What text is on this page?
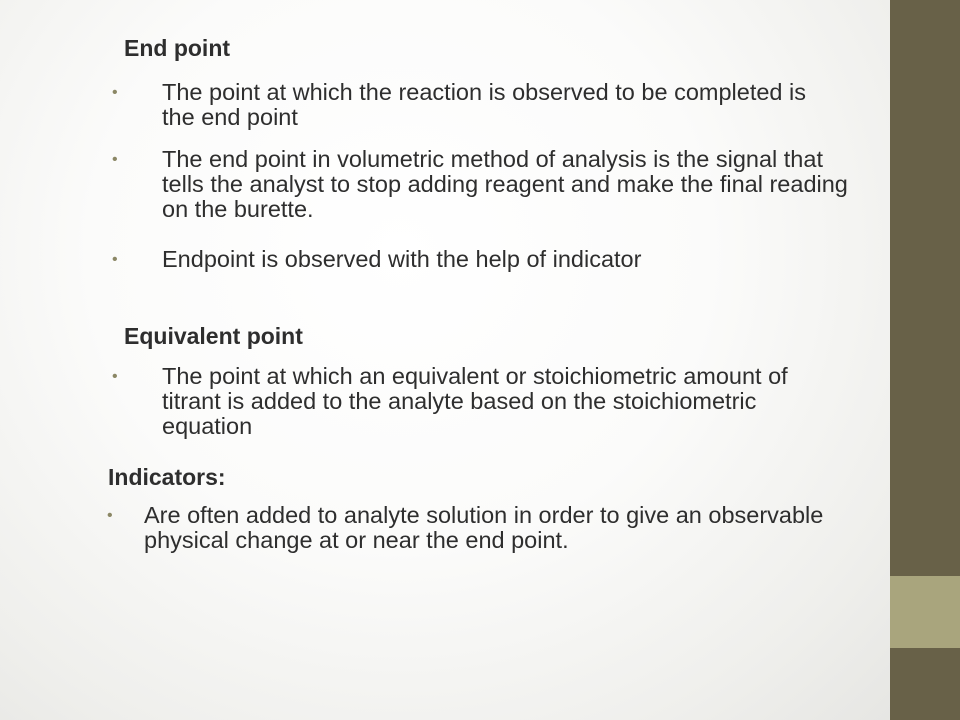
End point
• The point at which the reaction is observed to be completed is the end point

• The end point in volumetric method of analysis is the signal that tells the analyst to stop adding reagent and make the final reading on the burette.

• Endpoint is observed with the help of indicator

Equivalent point
• The point at which an equivalent or stoichiometric amount of titrant is added to the analyte based on the stoichiometric equation

Indicators:
• Are often added to analyte solution in order to give an observable physical change at or near the end point.
